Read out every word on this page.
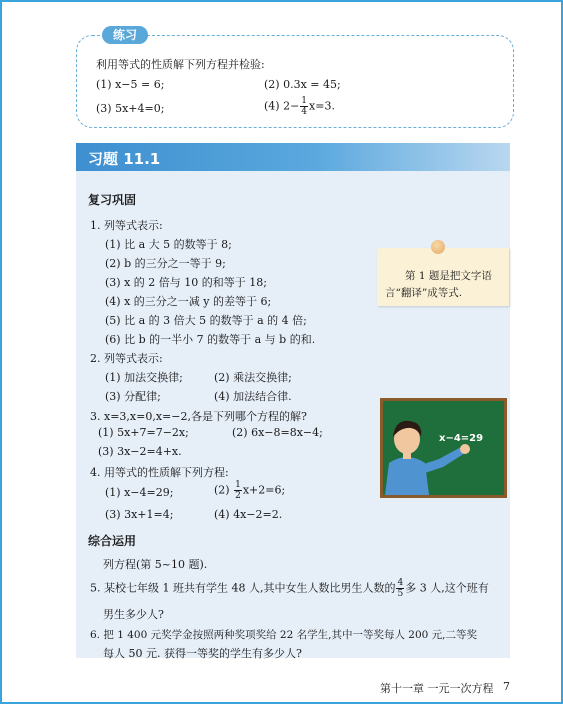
练习
利用等式的性质解下列方程并检验:
(1) x−5 = 6;	(2) 0.3x = 45;
(3) 5x+4=0;	(4) $2- \frac{1}{4} x=3$.
习题 11.1
复习巩固
1. 列等式表示:
(1) 比 a 大 5 的数等于 8;
(2) b 的三分之一等于 9;
(3) x 的 2 倍与 10 的和等于 18;
(4) x 的三分之一减 y 的差等于 6;
(5) 比 a 的 3 倍大 5 的数等于 a 的 4 倍;
(6) 比 b 的一半小 7 的数等于 a 与 b 的和.
2. 列等式表示:
(1) 加法交换律;	(2) 乘法交换律;
(3) 分配律;	(4) 加法结合律.
3. x=3,x=0,x=−2,各是下列哪个方程的解?
(1) 5x+7=7−2x;	(2) 6x−8=8x−4;
(3) 3x−2=4+x.
4. 用等式的性质解下列方程:
(1) x−4=29;	$(2) \frac{1}{2} x+2=6$;
(3) 3x+1=4;	(4) 4x−2=2.
综合运用
列方程(第 5~10 题).
5. 某校七年级 1 班共有学生 48 人,其中女生人数比男生人数的 $\frac{4}{5}$ 多 3 人,这个班有
男生多少人?
6. 把 1 400 元奖学金按照两种奖项奖给 22 名学生,其中一等奖每人 200 元,二等奖
每人 50 元. 获得一等奖的学生有多少人?
第 1 题是把文字语
言“翻译”成等式.
x−4=29
第十一章 一元一次方程 7
